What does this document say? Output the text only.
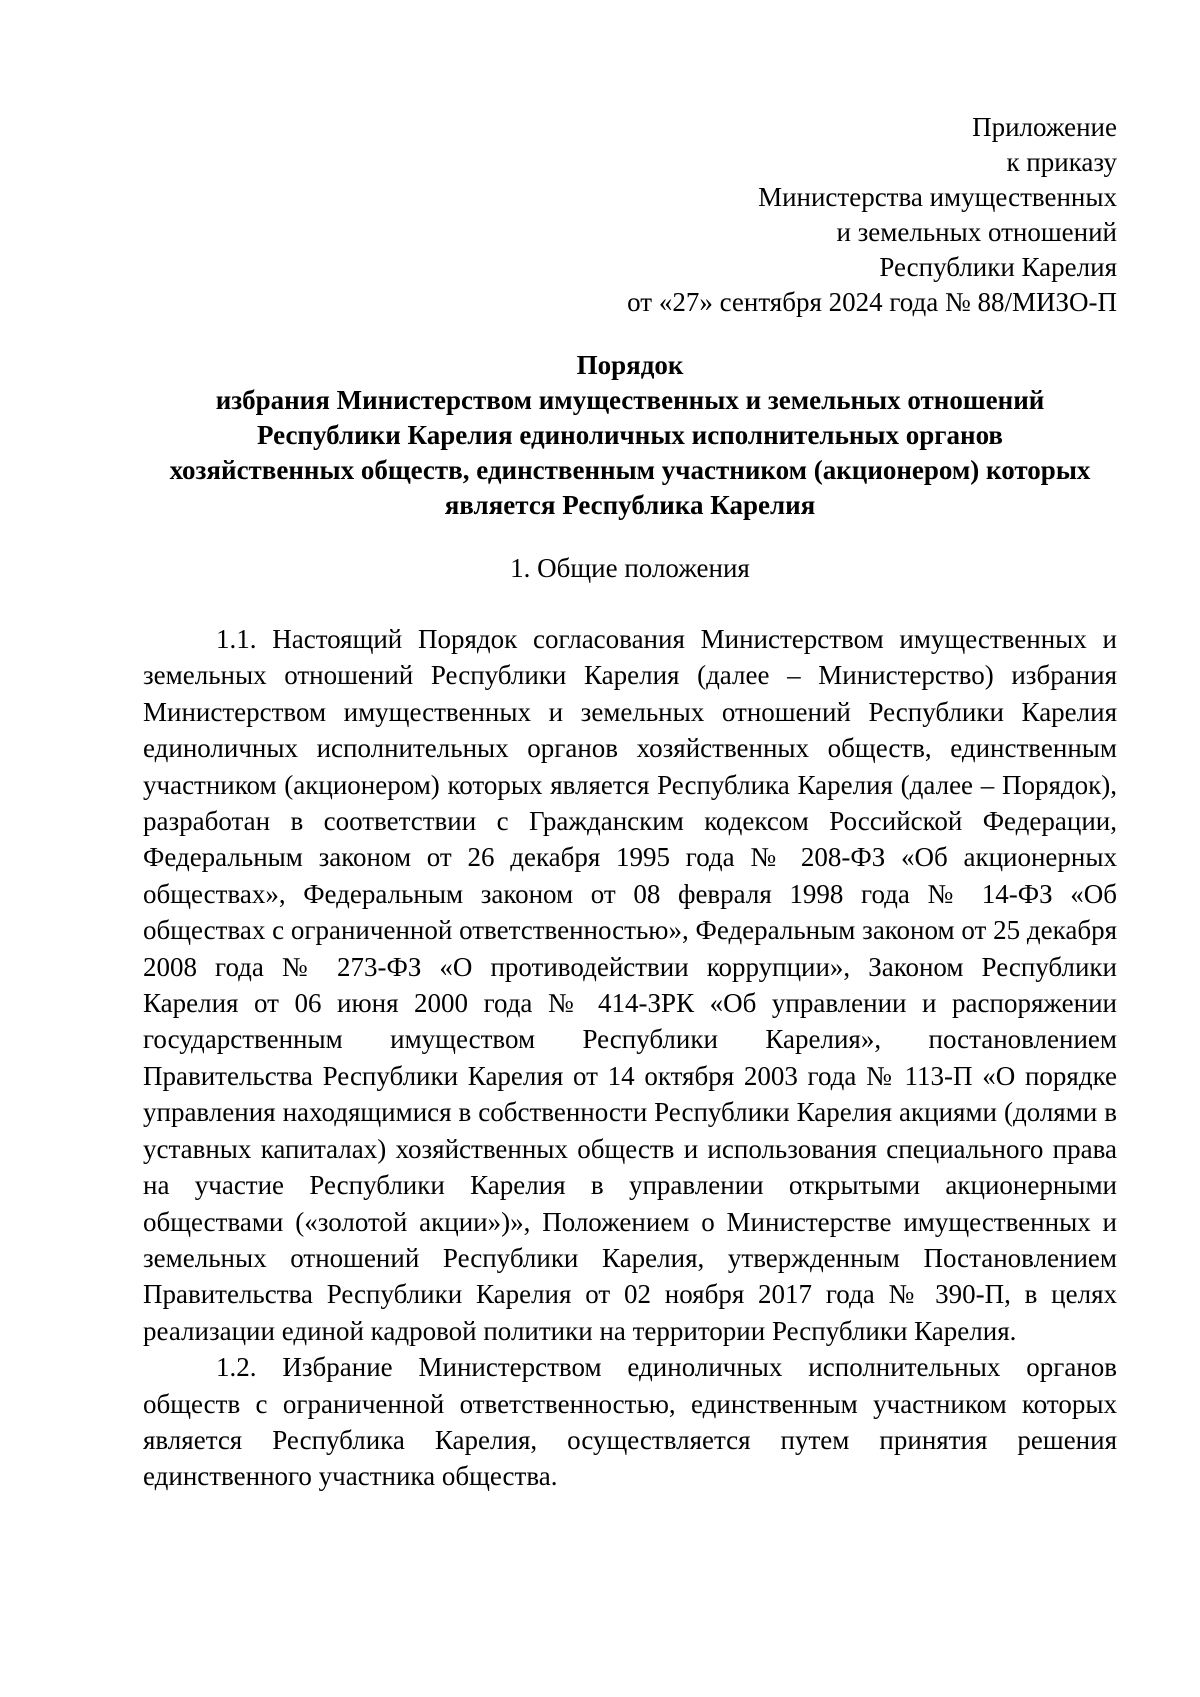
Приложение
к приказу
Министерства имущественных
и земельных отношений
Республики Карелия
от «27» сентября 2024 года № 88/МИЗО-П
Порядок
избрания Министерством имущественных и земельных отношений
Республики Карелия единоличных исполнительных органов
хозяйственных обществ, единственным участником (акционером) которых
является Республика Карелия
1. Общие положения

1.1. Настоящий Порядок согласования Министерством имущественных и земельных отношений Республики Карелия (далее – Министерство) избрания Министерством имущественных и земельных отношений Республики Карелия единоличных исполнительных органов хозяйственных обществ, единственным участником (акционером) которых является Республика Карелия (далее – Порядок), разработан в соответствии с Гражданским кодексом Российской Федерации, Федеральным законом от 26 декабря 1995 года № 208-ФЗ «Об акционерных обществах», Федеральным законом от 08 февраля 1998 года № 14-ФЗ «Об обществах с ограниченной ответственностью», Федеральным законом от 25 декабря 2008 года № 273-ФЗ «О противодействии коррупции», Законом Республики Карелия от 06 июня 2000 года № 414-ЗРК «Об управлении и распоряжении государственным имуществом Республики Карелия», постановлением Правительства Республики Карелия от 14 октября 2003 года № 113-П «О порядке управления находящимися в собственности Республики Карелия акциями (долями в уставных капиталах) хозяйственных обществ и использования специального права на участие Республики Карелия в управлении открытыми акционерными обществами («золотой акции»)», Положением о Министерстве имущественных и земельных отношений Республики Карелия, утвержденным Постановлением Правительства Республики Карелия от 02 ноября 2017 года № 390-П, в целях реализации единой кадровой политики на территории Республики Карелия.

1.2. Избрание Министерством единоличных исполнительных органов обществ с ограниченной ответственностью, единственным участником которых является Республика Карелия, осуществляется путем принятия решения единственного участника общества.
